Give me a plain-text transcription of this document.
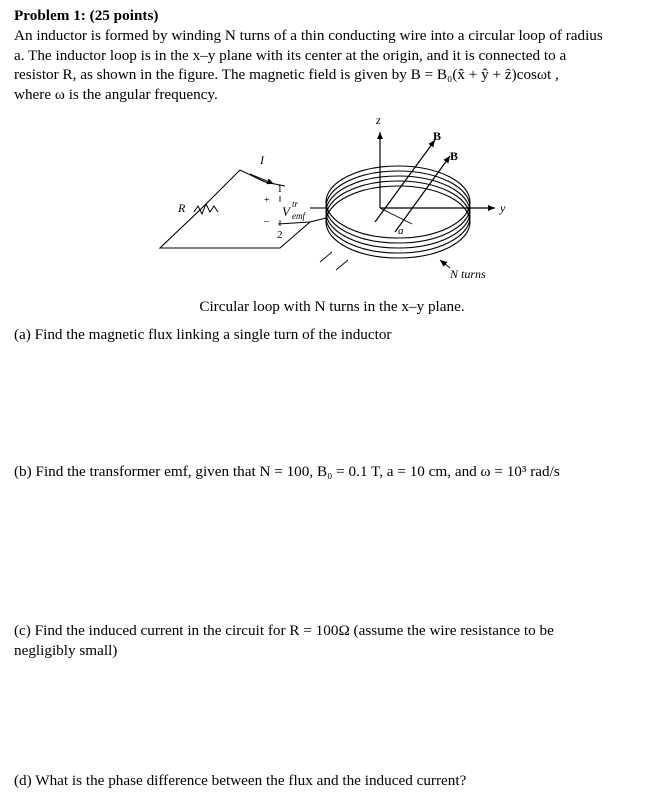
Problem 1: (25 points)

An inductor is formed by winding N turns of a thin conducting wire into a circular loop of radius
a. The inductor loop is in the x–y plane with its center at the origin, and it is connected to a
resistor R, as shown in the figure. The magnetic field is given by B = B₀(x̂ + ŷ + ẑ)cosωt ,
where ω is the angular frequency.
z
y
B
B
a
I
R
1
2
+
–
V tr emf
N turns

Circular loop with N turns in the x–y plane.

(a) Find the magnetic flux linking a single turn of the inductor

(b) Find the transformer emf, given that N = 100, B₀ = 0.1 T, a = 10 cm, and ω = 10³ rad/s

(c) Find the induced current in the circuit for R = 100Ω (assume the wire resistance to be
negligibly small)

(d) What is the phase difference between the flux and the induced current?
